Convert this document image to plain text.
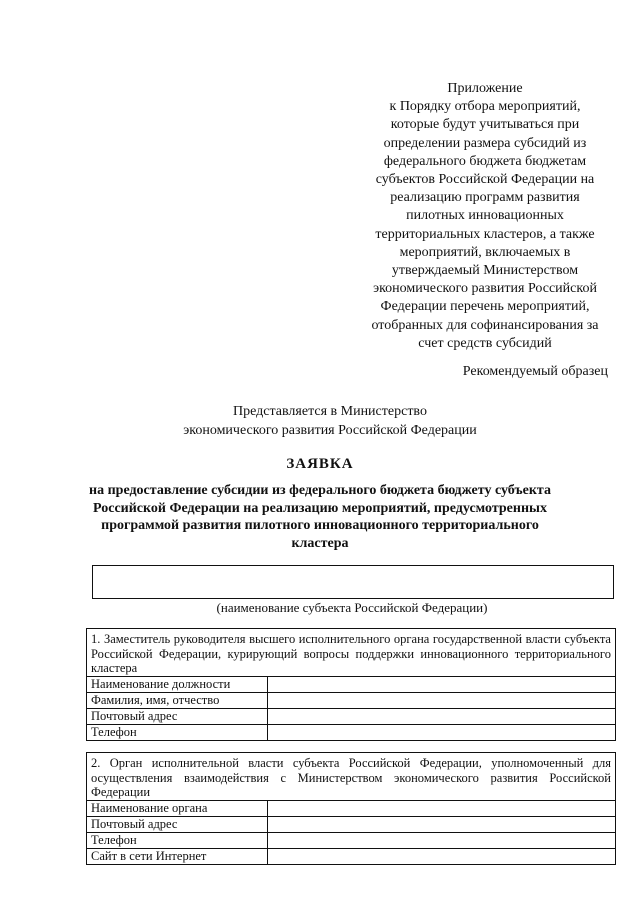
Приложение
к Порядку отбора мероприятий,
которые будут учитываться при
определении размера субсидий из
федерального бюджета бюджетам
субъектов Российской Федерации на
реализацию программ развития
пилотных инновационных
территориальных кластеров, а также
мероприятий, включаемых в
утверждаемый Министерством
экономического развития Российской
Федерации перечень мероприятий,
отобранных для софинансирования за
счет средств субсидий
Рекомендуемый образец
Представляется в Министерство
экономического развития Российской Федерации
ЗАЯВКА
на предоставление субсидии из федерального бюджета бюджету субъекта Российской Федерации на реализацию мероприятий, предусмотренных программой развития пилотного инновационного территориального кластера
(наименование субъекта Российской Федерации)
1. Заместитель руководителя высшего исполнительного органа государственной власти субъекта Российской Федерации, курирующий вопросы поддержки инновационного территориального кластера	
Наименование должности	
Фамилия, имя, отчество	
Почтовый адрес	
Телефон	
2. Орган исполнительной власти субъекта Российской Федерации, уполномоченный для осуществления взаимодействия с Министерством экономического развития Российской Федерации	
Наименование органа	
Почтовый адрес	
Телефон	
Сайт в сети Интернет	
